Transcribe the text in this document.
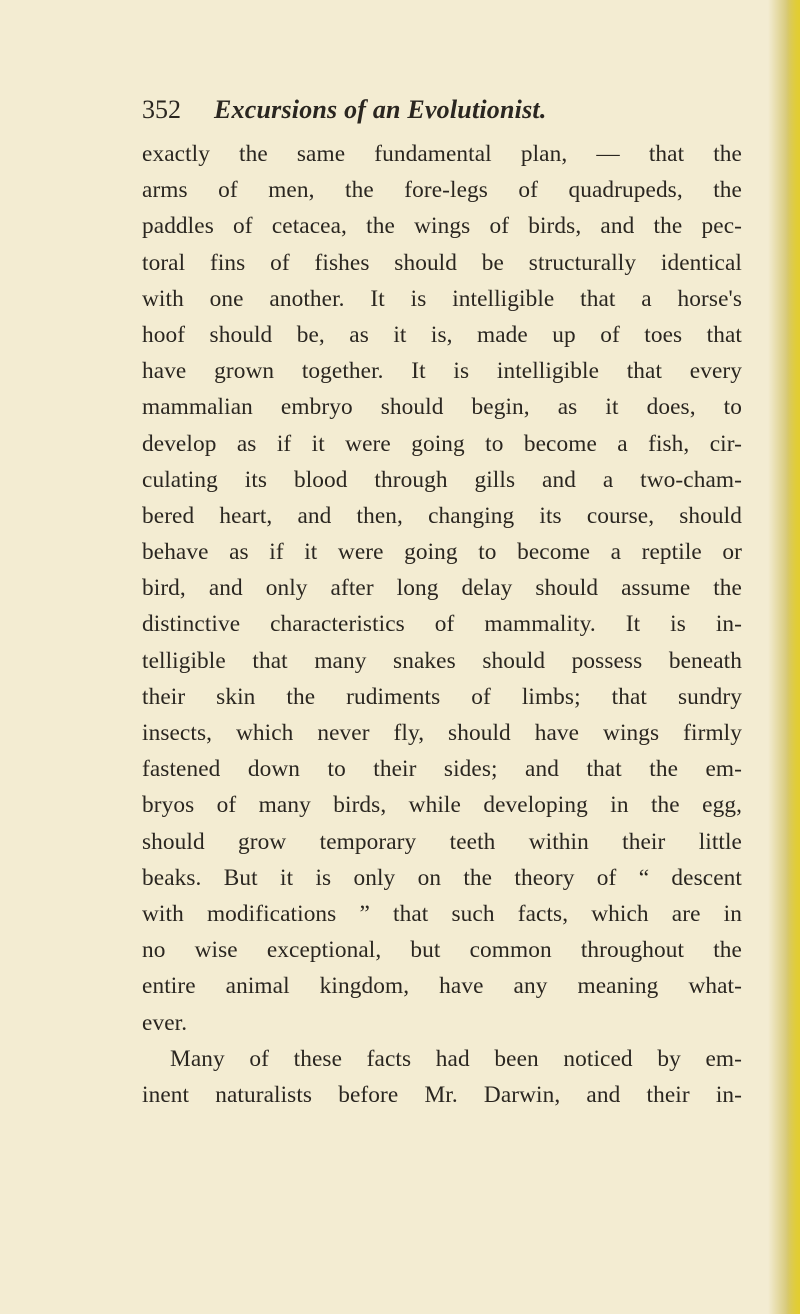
352 Excursions of an Evolutionist.
exactly the same fundamental plan, — that the
arms of men, the fore-legs of quadrupeds, the
paddles of cetacea, the wings of birds, and the pec-
toral fins of fishes should be structurally identical
with one another. It is intelligible that a horse's
hoof should be, as it is, made up of toes that
have grown together. It is intelligible that every
mammalian embryo should begin, as it does, to
develop as if it were going to become a fish, cir-
culating its blood through gills and a two-cham-
bered heart, and then, changing its course, should
behave as if it were going to become a reptile or
bird, and only after long delay should assume the
distinctive characteristics of mammality. It is in-
telligible that many snakes should possess beneath
their skin the rudiments of limbs; that sundry
insects, which never fly, should have wings firmly
fastened down to their sides; and that the em-
bryos of many birds, while developing in the egg,
should grow temporary teeth within their little
beaks. But it is only on the theory of “ descent
with modifications ” that such facts, which are in
no wise exceptional, but common throughout the
entire animal kingdom, have any meaning what-
ever.
Many of these facts had been noticed by em-
inent naturalists before Mr. Darwin, and their in-
